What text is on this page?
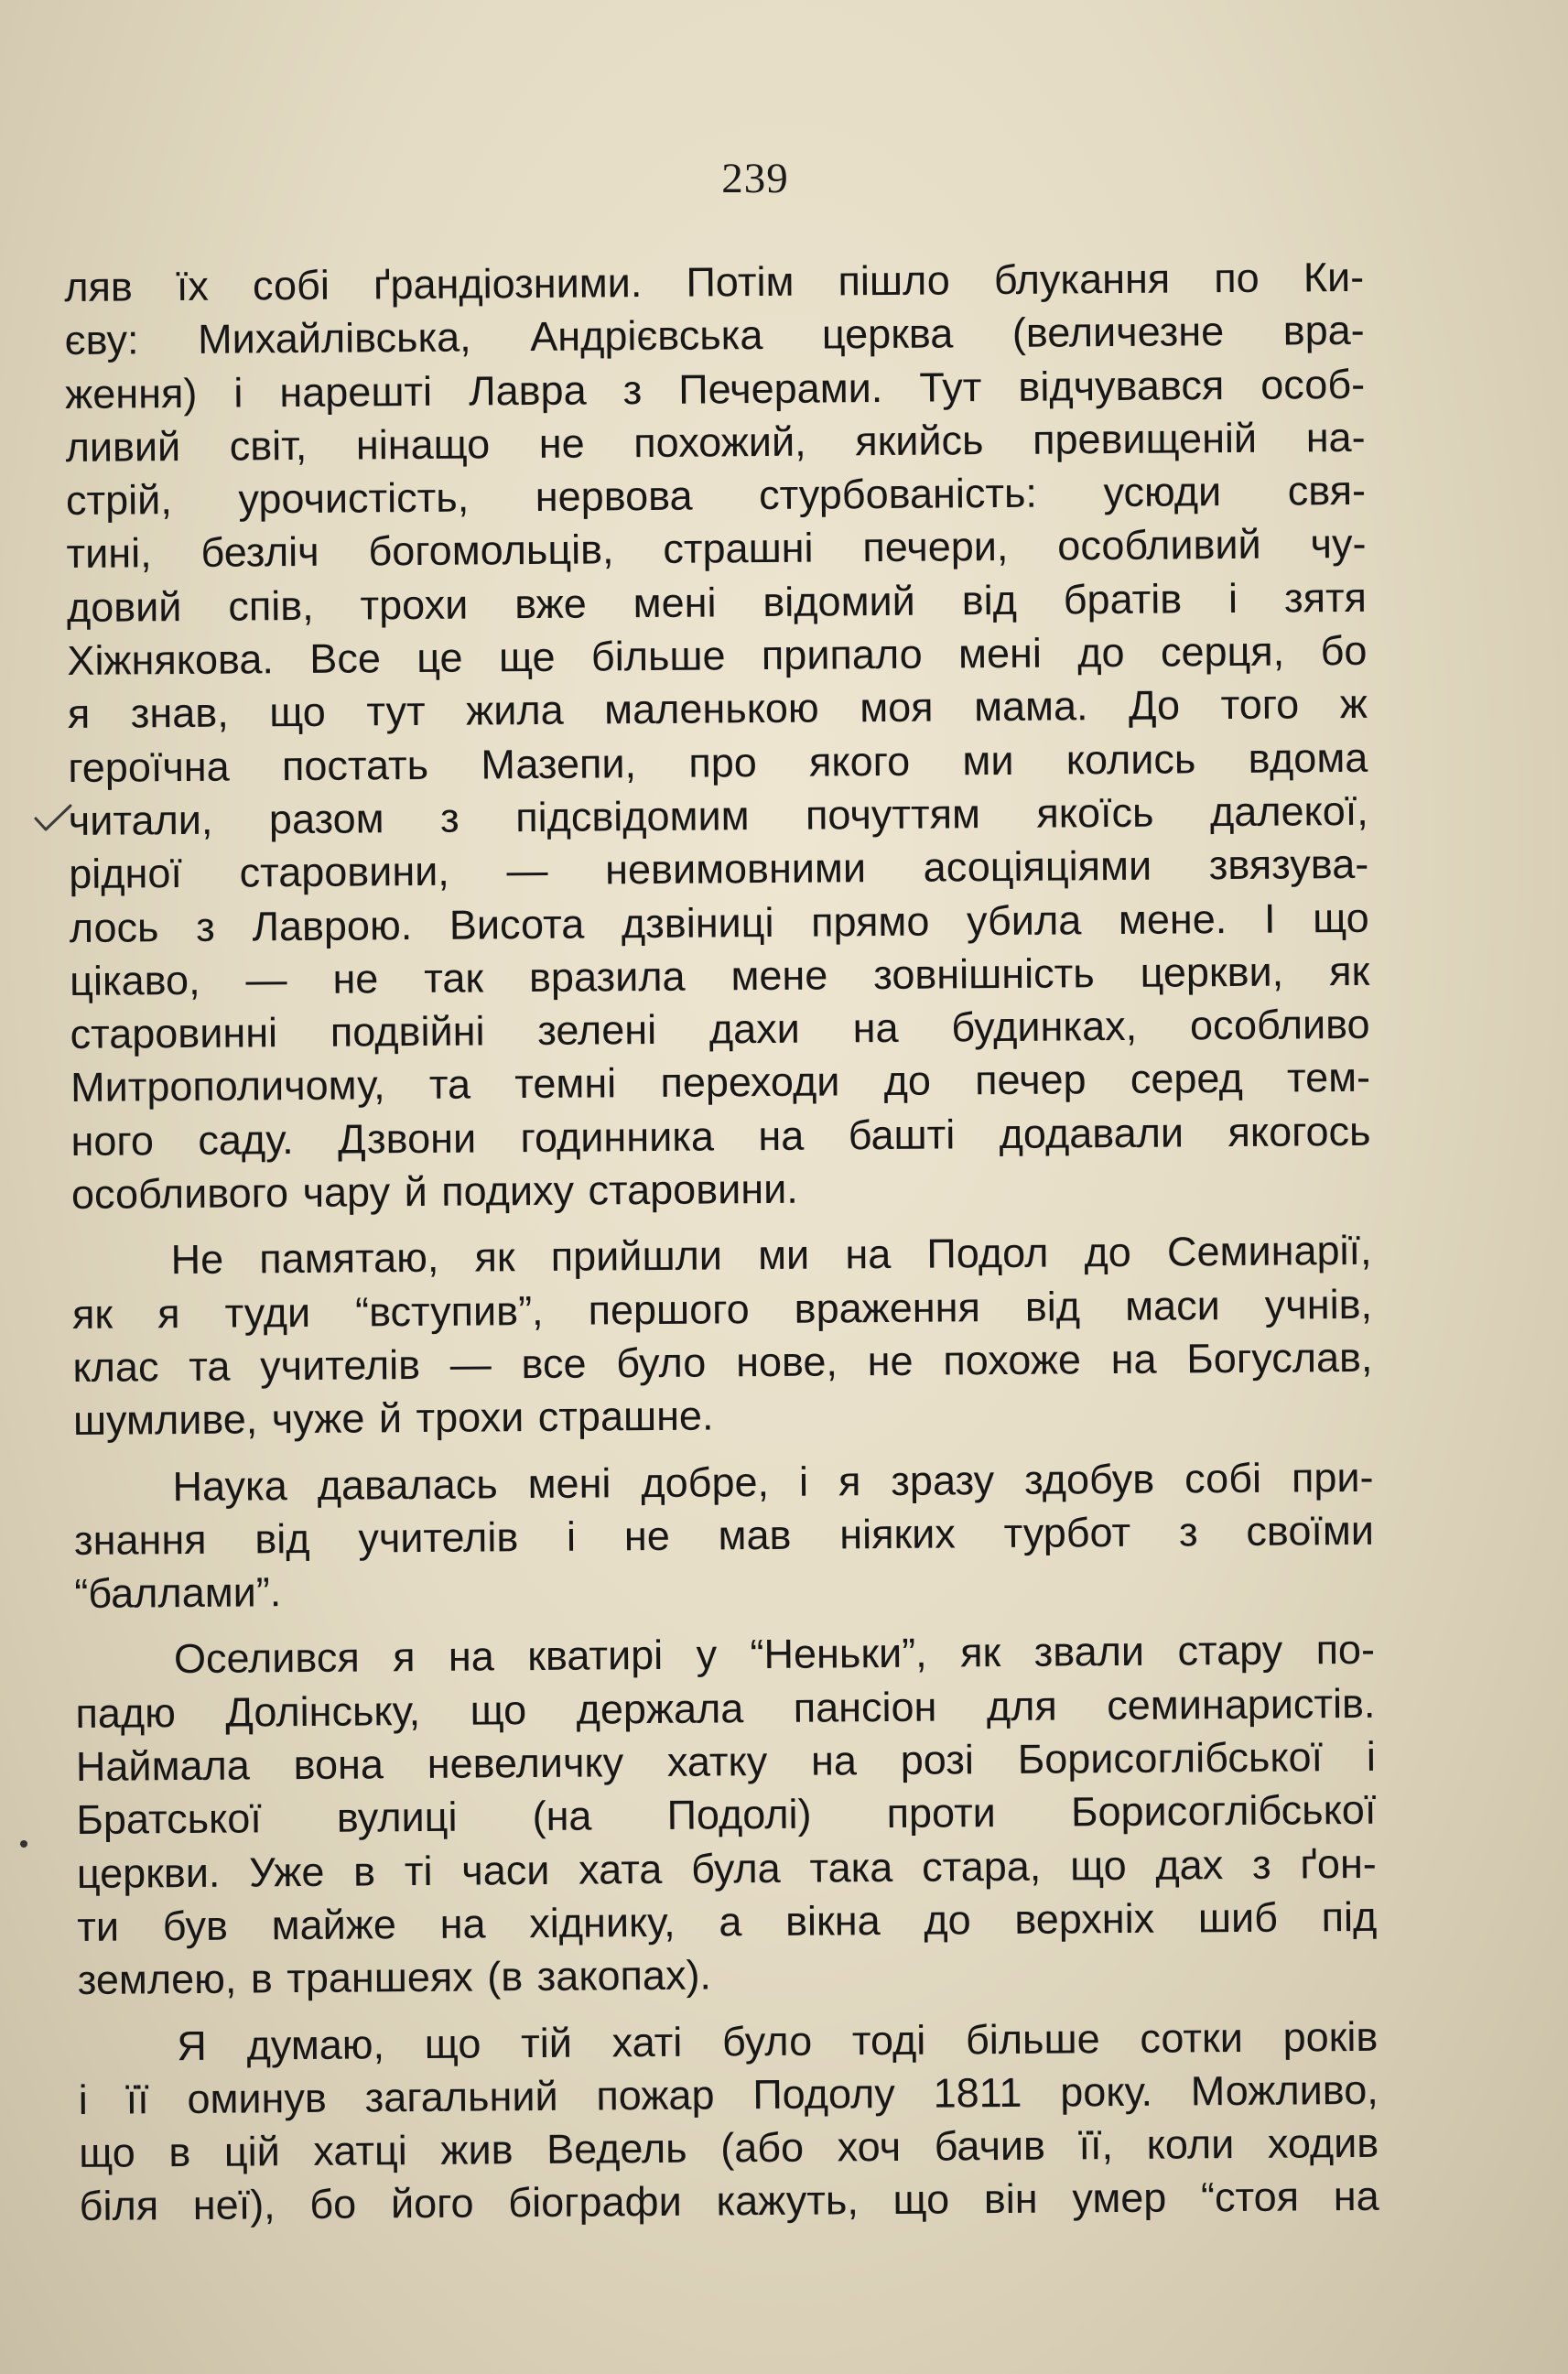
239
ляв їх собі ґрандіозними. Потім пішло блукання по Ки-
єву: Михайлівська, Андрієвська церква (величезне вра-
ження) і нарешті Лавра з Печерами. Тут відчувався особ-
ливий світ, нінащо не похожий, якийсь превищеній на-
стрій, урочистість, нервова стурбованість: усюди свя-
тині, безліч богомольців, страшні печери, особливий чу-
довий спів, трохи вже мені відомий від братів і зятя
Хіжнякова. Все це ще більше припало мені до серця, бо
я знав, що тут жила маленькою моя мама. До того ж
героїчна постать Мазепи, про якого ми колись вдома
читали, разом з підсвідомим почуттям якоїсь далекої,
рідної старовини, — невимовними асоціяціями звязува-
лось з Лаврою. Висота дзвіниці прямо убила мене. І що
цікаво, — не так вразила мене зовнішність церкви, як
старовинні подвійні зелені дахи на будинках, особливо
Митрополичому, та темні переходи до печер серед тем-
ного саду. Дзвони годинника на башті додавали якогось
особливого чару й подиху старовини.
Не памятаю, як прийшли ми на Подол до Семинарії,
як я туди “вступив”, першого враження від маси учнів,
клас та учителів — все було нове, не похоже на Богуслав,
шумливе, чуже й трохи страшне.
Наука давалась мені добре, і я зразу здобув собі при-
знання від учителів і не мав ніяких турбот з своїми
“баллами”.
Оселився я на кватирі у “Неньки”, як звали стару по-
падю Долінську, що держала пансіон для семинаристів.
Наймала вона невеличку хатку на розі Борисоглібської і
Братської вулиці (на Подолі) проти Борисоглібської
церкви. Уже в ті часи хата була така стара, що дах з ґон-
ти був майже на хіднику, а вікна до верхніх шиб під
землею, в траншеях (в закопах).
Я думаю, що тій хаті було тоді більше сотки років
і її оминув загальний пожар Подолу 1811 року. Можливо,
що в цій хатці жив Ведель (або хоч бачив її, коли ходив
біля неї), бо його біографи кажуть, що він умер “стоя на
